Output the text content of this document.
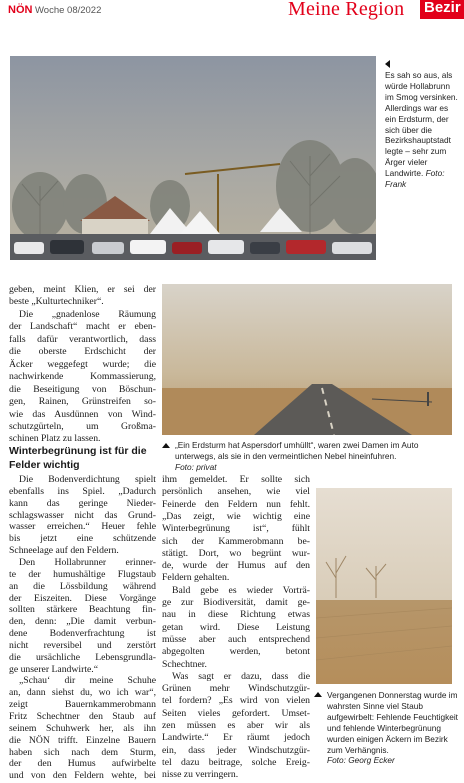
NÖN Woche 08/2022	Meine Region Bezir
Es sah so aus, als würde Hollabrunn im Smog versinken. Allerdings war es ein Erdsturm, der sich über die Bezirkshauptstadt legte – sehr zum Ärger vieler Landwirte. Foto: Frank
„Ein Erdsturm hat Aspersdorf umhüllt“, waren zwei Damen im Auto unterwegs, als sie in den vermeintlichen Nebel hineinfuhren.
Foto: privat
Vergangenen Donnerstag wurde im wahrsten Sinne viel Staub aufgewirbelt: Fehlende Feuchtigkeit und fehlende Winterbegrünung wurden einigen Äckern im Bezirk zum Verhängnis.
Foto: Georg Ecker
geben, meint Klien, er sei der
beste „Kulturtechniker“.
Die „gnadenlose Räumung
der Landschaft“ macht er eben-
falls dafür verantwortlich, dass
die oberste Erdschicht der
Äcker weggefegt wurde; die
nachwirkende Kommassierung,
die Beseitigung von Böschun-
gen, Rainen, Grünstreifen so-
wie das Ausdünnen von Wind-
schutzgürteln, um Großma-
schinen Platz zu lassen.
Winterbegrünung ist für die
Felder wichtig
Die Bodenverdichtung spielt
ebenfalls ins Spiel. „Dadurch
kann das geringe Nieder-
schlagswasser nicht das Grund-
wasser erreichen.“ Heuer fehle
bis jetzt eine schützende
Schneelage auf den Feldern.
Den Hollabrunner erinner-
te der humushältige Flugstaub
an die Lössbildung während
der Eiszeiten. Diese Vorgänge
sollten stärkere Beachtung fin-
den, denn: „Die damit verbun-
dene Bodenverfrachtung ist
nicht reversibel und zerstört
die ursächliche Lebensgrundla-
ge unserer Landwirte.“
„Schau‘ dir meine Schuhe
an, dann siehst du, wo ich war“,
zeigt Bauernkammerobmann
Fritz Schechtner den Staub auf
seinem Schuhwerk her, als ihn
die NÖN trifft. Einzelne Bauern
haben sich nach dem Sturm,
der den Humus aufwirbelte
und von den Feldern wehte, bei
ihm gemeldet. Er sollte sich
persönlich ansehen, wie viel
Feinerde den Feldern nun fehlt.
„Das zeigt, wie wichtig eine
Winterbegrünung ist“, fühlt
sich der Kammerobmann be-
stätigt. Dort, wo begrünt wur-
de, wurde der Humus auf den
Feldern gehalten.
Bald gebe es wieder Vorträ-
ge zur Biodiversität, damit ge-
nau in diese Richtung etwas
getan wird. Diese Leistung
müsse aber auch entsprechend
abgegolten werden, betont
Schechtner.
Was sagt er dazu, dass die
Grünen mehr Windschutzgür-
tel fordern? „Es wird von vielen
Seiten vieles gefordert. Umset-
zen müssen es aber wir als
Landwirte.“ Er räumt jedoch
ein, dass jeder Windschutzgür-
tel dazu beitrage, solche Ereig-
nisse zu verringern.
